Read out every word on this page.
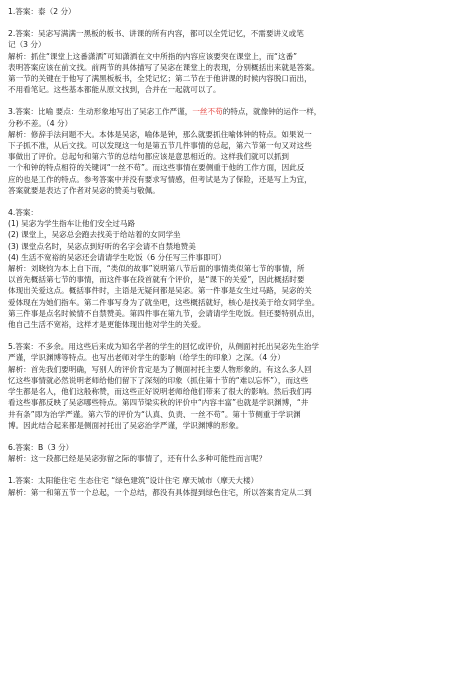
1.答案：泰（2 分）
2.答案：吴宓写满满一黑板的板书、讲课的所有内容，都可以全凭记忆，不需要讲义或笔
记（3 分）
解析：抓住“课堂上这番潇洒”可知潇洒在文中所指的内容应该要突在课堂上，而“这番”
表明答案应该在前文找。前两节的具体描写了吴宓在课堂上的表现，分别概括出来就是答案。
第一节的关键在于他写了满黑板板书，全凭记忆；第二节在于他讲课的时候内容脱口而出，
不用看笔记。这些基本都能从原文找到，合并在一起就可以了。
3.答案：比喻 要点：生动形象地写出了吴宓工作严谨，一丝不苟的特点，就像钟的运作一样，
分秒不差。（4 分）
解析：修辞手法问题不大。本体是吴宓，喻体是钟，那么就要抓住喻体钟的特点。如果说一
下子抓不准，从后文找。可以发现这一句是第五节几件事情的总起，第六节第一句又对这些
事做出了评价。总起句和第六节的总结句都应该是意思相近的。这样我们就可以抓到
一个和钟的特点相符的关键词“一丝不苟”。而这些事情在要侧重于他的工作方面，因此反
应的也是工作的特点。参考答案中并没有要求写情感，但考试是为了保险，还是写上为宜，
答案就要是表达了作者对吴宓的赞美与敬佩。
4.答案：
(1) 吴宓为学生指车让他们安全过马路
(2) 课堂上，吴宓总会跑去找美于给站着的女同学坐
(3) 课堂点名时，吴宓点到好听的名字会请不自禁地赞美
(4) 生活不宽裕的吴宓还会请请学生吃饭（6 分任写三件事即可）
解析：刘晓钧为本上自下而，“类似的故事”说明第八节后面的事情类似第七节的事情，所
以首先概括第七节的事情，而这件事在段首就有个评价，是“课下的关爱”，因此概括时要
体现出关爱这点。概括事件时，主语是无疑问都是吴宓。第一件事是女生过马路，吴宓的关
爱体现在为她们指车。第二件事写身为了就坐吧，这些概括就好，核心是找美于给女同学坐。
第三件事是点名时候情不自禁赞美。第四件事在第九节，会请请学生吃饭。但还要特别点出，
他自己生活不宽裕，这样才是更能体现出他对学生的关爱。
5.答案：不多余。用这些后来成为知名学者的学生的回忆或评价，从侧面衬托出吴宓先生治学
严谨，学识渊博等特点。也写出老师对学生的影响（给学生的印象）之深。（4 分）
解析：首先我们要明确，写别人的评价肯定是为了侧面衬托主要人物形象的。有这么多人回
忆这些事情就必然说明老师给他们留下了深刻的印象（抓住第十节的“难以忘怀”），而这些
学生都是名人，他们这般称赞，而这些正好说明老师给他们带来了很大的影响。然后我们再
看这些事都反映了吴宓哪些特点。第四节梁实秋的评价中“内容丰富”也就是学识渊博，“井
井有条”即为治学严谨。第六节的评价为“认真、负责、一丝不苟”。第十节侧重于学识渊
博。因此结合起来都是侧面衬托出了吴宓治学严谨，学识渊博的形象。
6.答案：B（3 分）
解析：这一段都已经是吴宓弥留之际的事情了，还有什么多种可能性而言呢？
1.答案：太阳能住宅 生态住宅 “绿色建筑”设计住宅 摩天城市（摩天大楼）
解析：第一和第五节一个总起，一个总结，都没有具体提到绿色住宅，所以答案肯定从二到
